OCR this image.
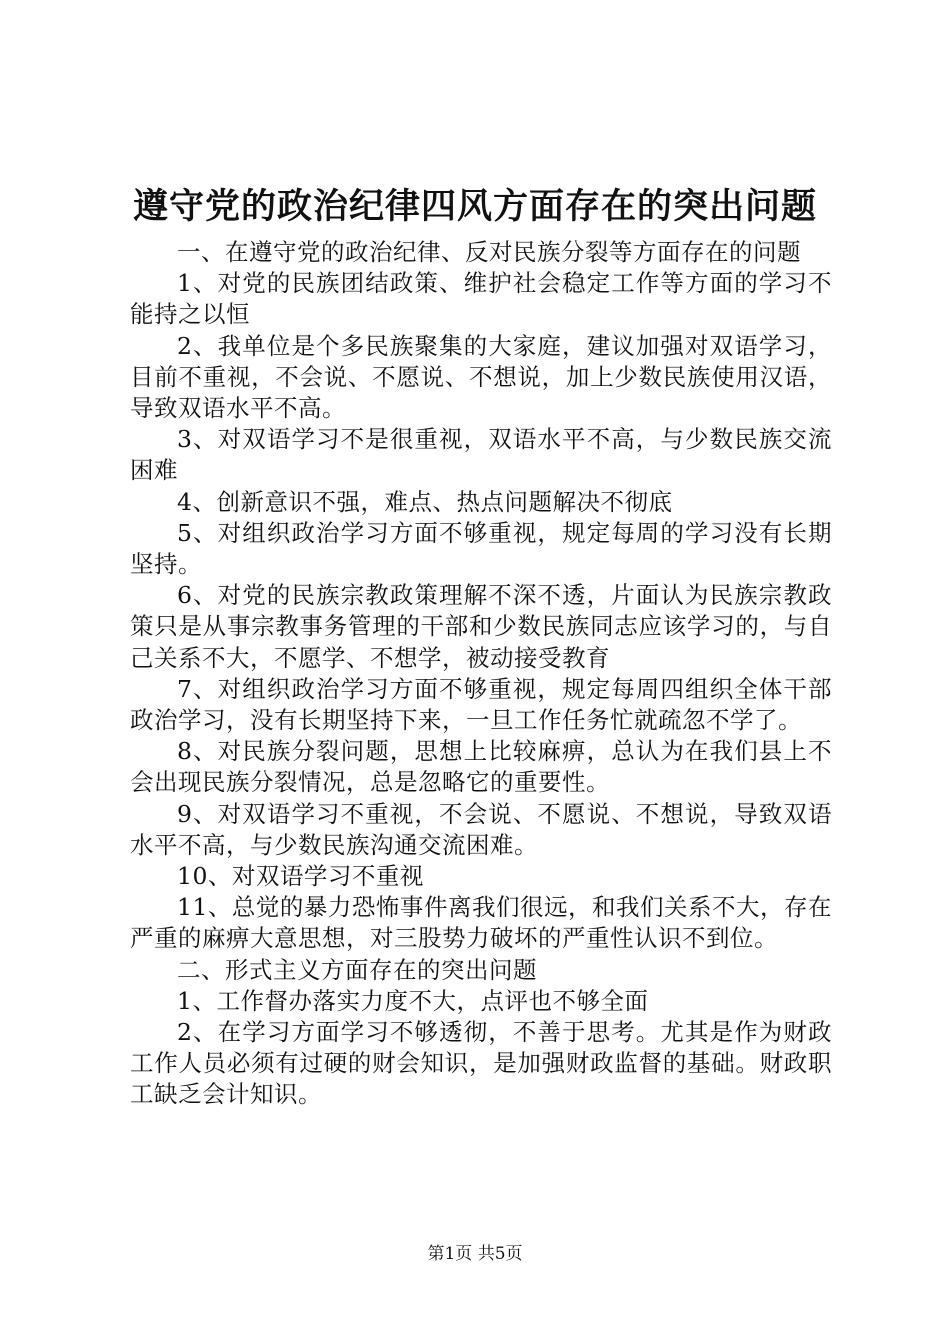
遵守党的政治纪律四风方面存在的突出问题

一、在遵守党的政治纪律、反对民族分裂等方面存在的问题

1、对党的民族团结政策、维护社会稳定工作等方面的学习不能持之以恒

2、我单位是个多民族聚集的大家庭，建议加强对双语学习，目前不重视，不会说、不愿说、不想说，加上少数民族使用汉语，导致双语水平不高。

3、对双语学习不是很重视，双语水平不高，与少数民族交流困难

4、创新意识不强，难点、热点问题解决不彻底

5、对组织政治学习方面不够重视，规定每周的学习没有长期坚持。

6、对党的民族宗教政策理解不深不透，片面认为民族宗教政策只是从事宗教事务管理的干部和少数民族同志应该学习的，与自己关系不大，不愿学、不想学，被动接受教育

7、对组织政治学习方面不够重视，规定每周四组织全体干部政治学习，没有长期坚持下来，一旦工作任务忙就疏忽不学了。

8、对民族分裂问题，思想上比较麻痹，总认为在我们县上不会出现民族分裂情况，总是忽略它的重要性。

9、对双语学习不重视，不会说、不愿说、不想说，导致双语水平不高，与少数民族沟通交流困难。

10、对双语学习不重视

11、总觉的暴力恐怖事件离我们很远，和我们关系不大，存在严重的麻痹大意思想，对三股势力破坏的严重性认识不到位。

二、形式主义方面存在的突出问题

1、工作督办落实力度不大，点评也不够全面

2、在学习方面学习不够透彻，不善于思考。尤其是作为财政工作人员必须有过硬的财会知识，是加强财政监督的基础。财政职工缺乏会计知识。

第1页 共5页
